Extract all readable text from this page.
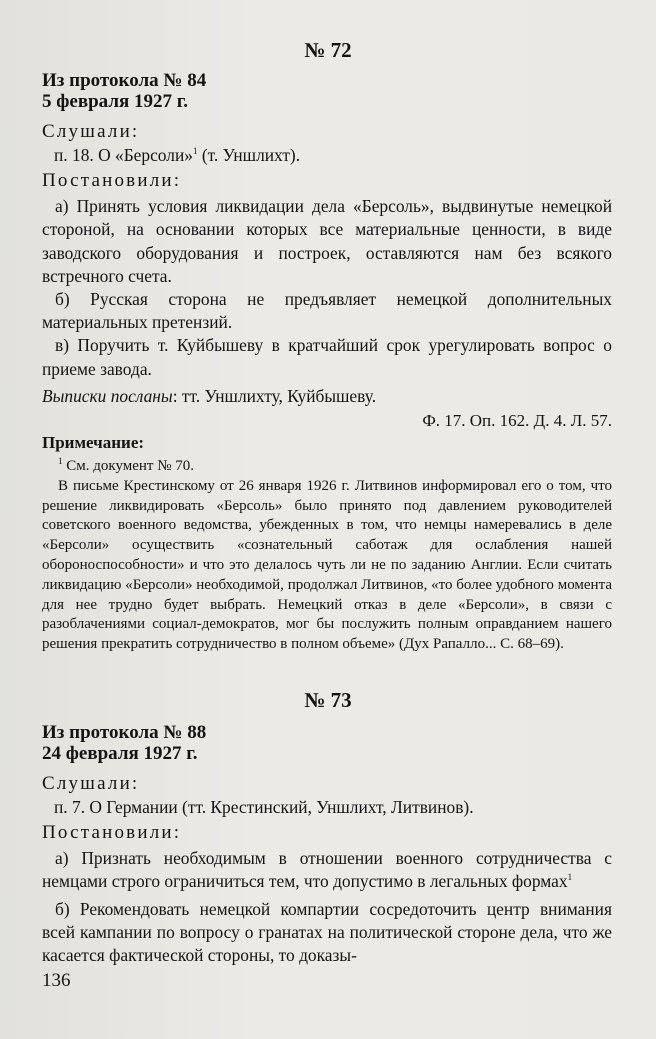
№ 72
Из протокола № 84
5 февраля 1927 г.
Слушали:
п. 18. О «Берсоли»$^1$ (т. Уншлихт).
Постановили:
а) Принять условия ликвидации дела «Берсоль», выдвинутые немецкой стороной, на основании которых все материальные ценности, в виде заводского оборудования и построек, оставляются нам без всякого встречного счета.
б) Русская сторона не предъявляет немецкой дополнительных материальных претензий.
в) Поручить т. Куйбышеву в кратчайший срок урегулировать вопрос о приеме завода.
Выписки посланы: тт. Уншлихту, Куйбышеву.
Ф. 17. Оп. 162. Д. 4. Л. 57.
Примечание:
$^1$ См. документ № 70.
В письме Крестинскому от 26 января 1926 г. Литвинов информировал его о том, что решение ликвидировать «Берсоль» было принято под давлением руководителей советского военного ведомства, убежденных в том, что немцы намеревались в деле «Берсоли» осуществить «сознательный саботаж для ослабления нашей обороноспособности» и что это делалось чуть ли не по заданию Англии. Если считать ликвидацию «Берсоли» необходимой, продолжал Литвинов, «то более удобного момента для нее трудно будет выбрать. Немецкий отказ в деле «Берсоли», в связи с разоблачениями социал-демократов, мог бы послужить полным оправданием нашего решения прекратить сотрудничество в полном объеме» (Дух Рапалло... С. 68–69).
№ 73
Из протокола № 88
24 февраля 1927 г.
Слушали:
п. 7. О Германии (тт. Крестинский, Уншлихт, Литвинов).
Постановили:
а) Признать необходимым в отношении военного сотрудничества с немцами строго ограничиться тем, что допустимо в легальных формах$^1$
б) Рекомендовать немецкой компартии сосредоточить центр внимания всей кампании по вопросу о гранатах на политической стороне дела, что же касается фактической стороны, то доказы-
136
